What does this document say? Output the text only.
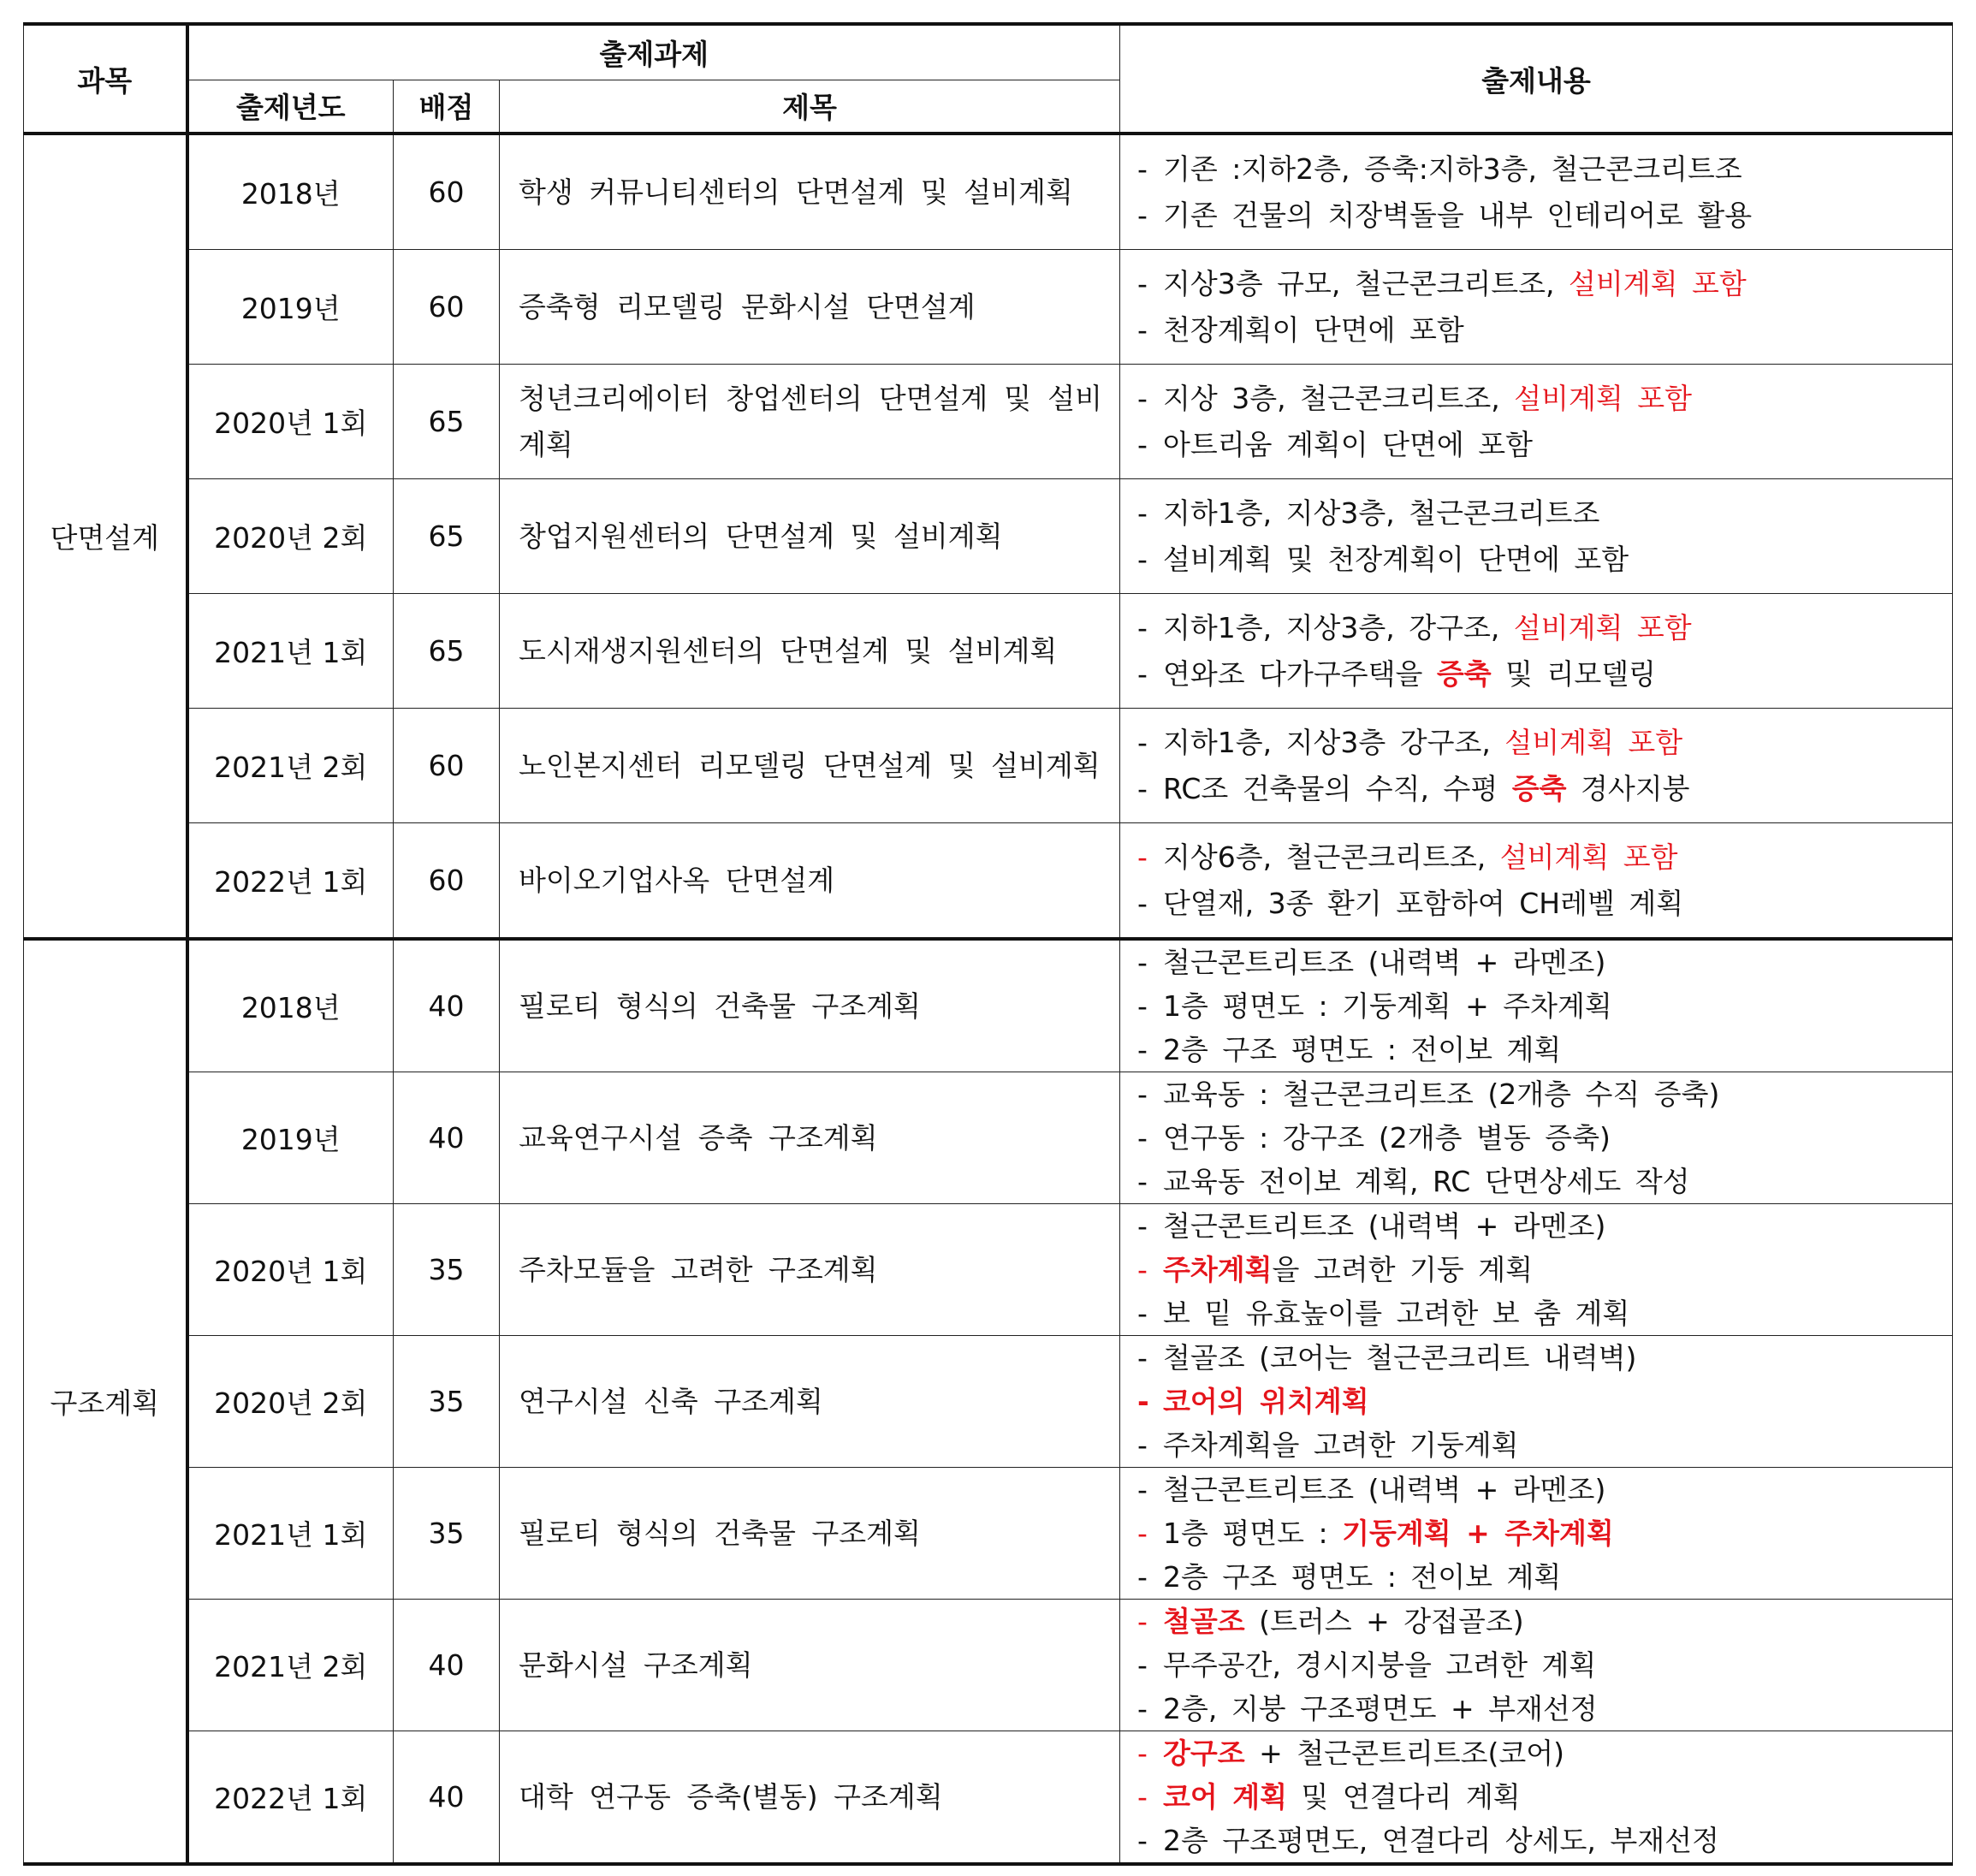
과목	출제과제			출제내용
	출제년도	배점	제목	
단면설계	2018년	60	학생 커뮤니티센터의 단면설계 및 설비계획	-기존 :지하2층, 증축:지하3층, 철근콘크리트조
-기존 건물의 치장벽돌을 내부 인테리어로 활용

	2019년	60	증축형 리모델링 문화시설 단면설계	-지상3층 규모, 철근콘크리트조, 설비계획 포함
-천장계획이 단면에 포함

	2020년 1회	65	청년크리에이터 창업센터의 단면설계 및 설비계획	-지상 3층, 철근콘크리트조, 설비계획 포함
-아트리움 계획이 단면에 포함

	2020년 2회	65	창업지원센터의 단면설계 및 설비계획	-지하1층, 지상3층, 철근콘크리트조
-설비계획 및 천장계획이 단면에 포함

	2021년 1회	65	도시재생지원센터의 단면설계 및 설비계획	-지하1층, 지상3층, 강구조, 설비계획 포함
-연와조 다가구주택을 증축 및 리모델링

	2021년 2회	60	노인본지센터 리모델링 단면설계 및 설비계획	-지하1층, 지상3층 강구조, 설비계획 포함
-RC조 건축물의 수직, 수평 증축 경사지붕

	2022년 1회	60	바이오기업사옥 단면설계	-지상6층, 철근콘크리트조, 설비계획 포함
-단열재, 3종 환기 포함하여 CH레벨 계획

구조계획	2018년	40	필로티 형식의 건축물 구조계획	-철근콘트리트조 (내력벽 + 라멘조)
-1층 평면도 : 기둥계획 + 주차계획
-2층 구조 평면도 : 전이보 계획

	2019년	40	교육연구시설 증축 구조계획	-교육동 : 철근콘크리트조 (2개층 수직 증축)
-연구동 : 강구조 (2개층 별동 증축)
-교육동 전이보 계획, RC 단면상세도 작성

	2020년 1회	35	주차모듈을 고려한 구조계획	-철근콘트리트조 (내력벽 + 라멘조)
-주차계획을 고려한 기둥 계획
-보 밑 유효높이를 고려한 보 춤 계획

	2020년 2회	35	연구시설 신축 구조계획	-철골조 (코어는 철근콘크리트 내력벽)
-코어의 위치계획
-주차계획을 고려한 기둥계획

	2021년 1회	35	필로티 형식의 건축물 구조계획	-철근콘트리트조 (내력벽 + 라멘조)
-1층 평면도 : 기둥계획 + 주차계획
-2층 구조 평면도 : 전이보 계획

	2021년 2회	40	문화시설 구조계획	-철골조 (트러스 + 강접골조)
-무주공간, 경시지붕을 고려한 계획
-2층, 지붕 구조평면도 + 부재선정

	2022년 1회	40	대학 연구동 증축(별동) 구조계획	-강구조 + 철근콘트리트조(코어)
-코어 계획 및 연결다리 계획
-2층 구조평면도, 연결다리 상세도, 부재선정
